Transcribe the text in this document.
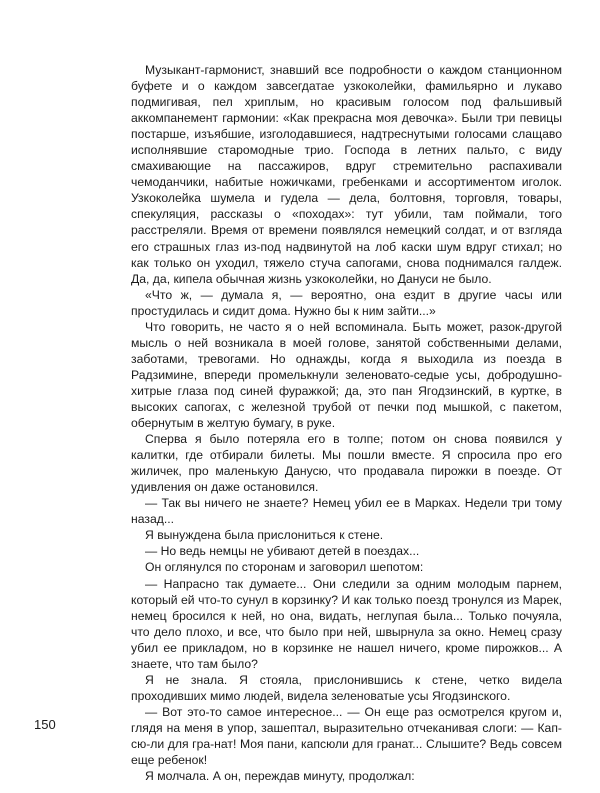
Музыкант-гармонист, знавший все подробности о каждом станционном буфете и о каждом завсегдатае узкоколейки, фамильярно и лукаво подмигивая, пел хриплым, но красивым голосом под фальшивый аккомпанемент гармонии: «Как прекрасна моя девочка». Были три певицы постарше, изъябшие, изголодавшиеся, надтреснутыми голосами слащаво исполнявшие старомодные трио. Господа в летних пальто, с виду смахивающие на пассажиров, вдруг стремительно распахивали чемоданчики, набитые ножичками, гребенками и ассортиментом иголок. Узкоколейка шумела и гудела — дела, болтовня, торговля, товары, спекуляция, рассказы о «походах»: тут убили, там поймали, того расстреляли. Время от времени появлялся немецкий солдат, и от взгляда его страшных глаз из-под надвинутой на лоб каски шум вдруг стихал; но как только он уходил, тяжело стуча сапогами, снова поднимался галдеж. Да, да, кипела обычная жизнь узкоколейки, но Дануси не было.

«Что ж, — думала я, — вероятно, она ездит в другие часы или простудилась и сидит дома. Нужно бы к ним зайти...»

Что говорить, не часто я о ней вспоминала. Быть может, разок-другой мысль о ней возникала в моей голове, занятой собственными делами, заботами, тревогами. Но однажды, когда я выходила из поезда в Радзимине, впереди промелькнули зеленовато-седые усы, добродушно-хитрые глаза под синей фуражкой; да, это пан Ягодзинский, в куртке, в высоких сапогах, с железной трубой от печки под мышкой, с пакетом, обернутым в желтую бумагу, в руке.

Сперва я было потеряла его в толпе; потом он снова появился у калитки, где отбирали билеты. Мы пошли вместе. Я спросила про его жиличек, про маленькую Данусю, что продавала пирожки в поезде. От удивления он даже остановился.

— Так вы ничего не знаете? Немец убил ее в Марках. Недели три тому назад...

Я вынуждена была прислониться к стене.

— Но ведь немцы не убивают детей в поездах...

Он оглянулся по сторонам и заговорил шепотом:

— Напрасно так думаете... Они следили за одним молодым парнем, который ей что-то сунул в корзинку? И как только поезд тронулся из Марек, немец бросился к ней, но она, видать, неглупая была... Только почуяла, что дело плохо, и все, что было при ней, швырнула за окно. Немец сразу убил ее прикладом, но в корзинке не нашел ничего, кроме пирожков... А знаете, что там было?

Я не знала. Я стояла, прислонившись к стене, четко видела проходивших мимо людей, видела зеленоватые усы Ягодзинского.

— Вот это-то самое интересное... — Он еще раз осмотрелся кругом и, глядя на меня в упор, зашептал, выразительно отчеканивая слоги: — Кап-сю-ли для гра-нат! Моя пани, капсюли для гранат... Слышите? Ведь совсем еще ребенок!

Я молчала. А он, переждав минуту, продолжал:

150
